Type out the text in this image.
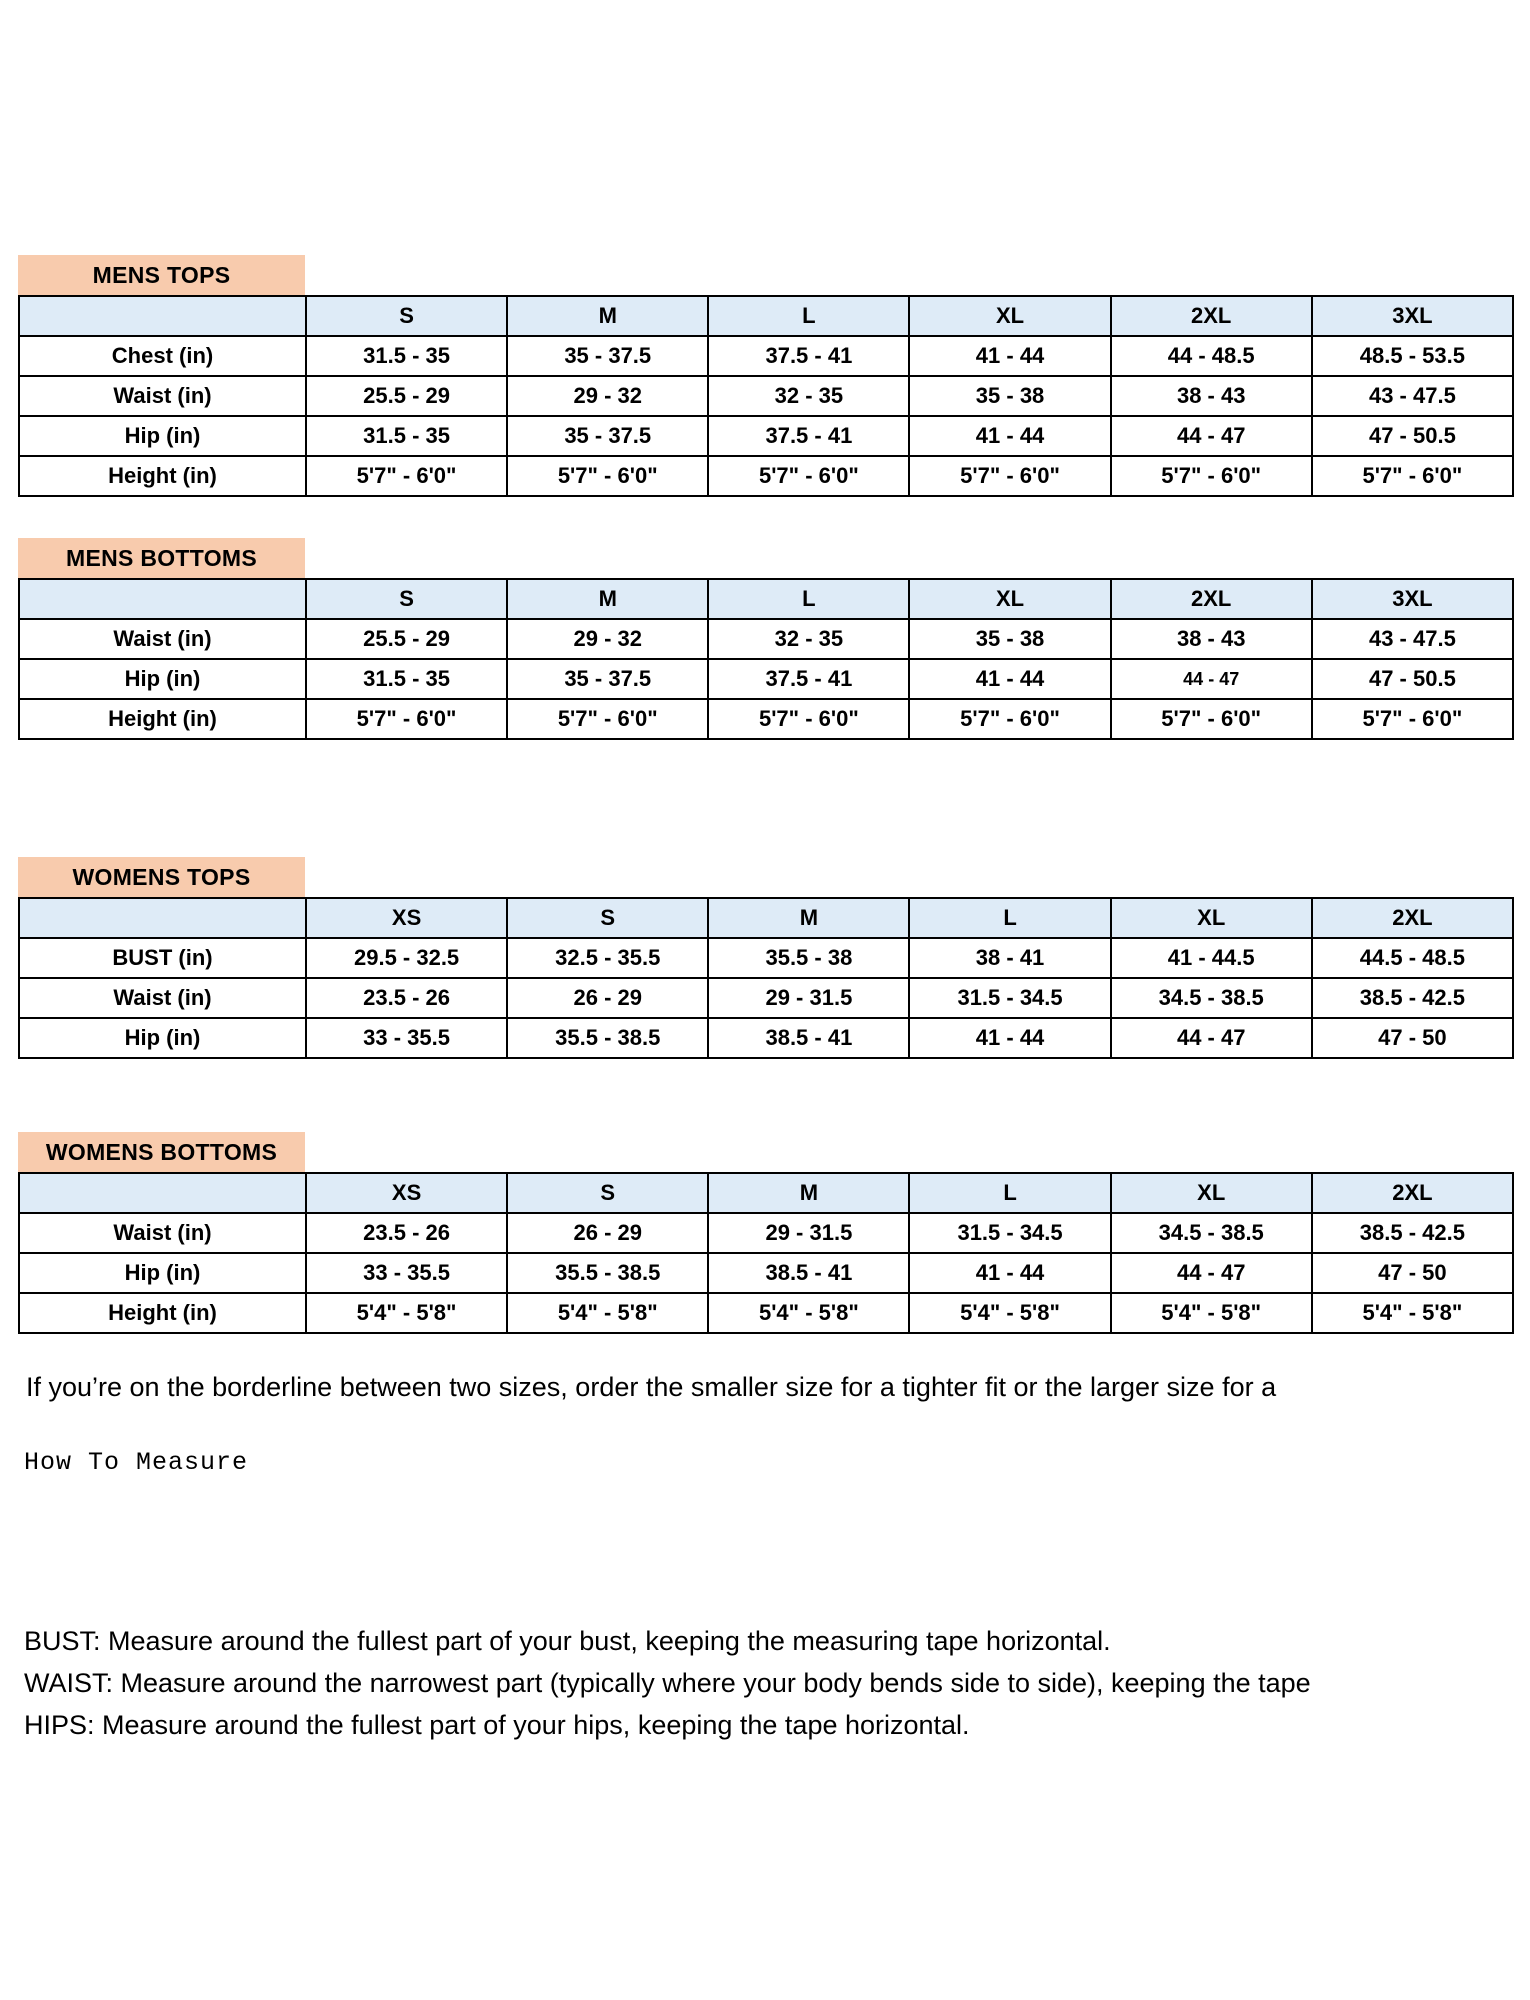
MENS TOPS
	S	M	L	XL	2XL	3XL
Chest (in)	31.5 - 35	35 - 37.5	37.5 - 41	41 - 44	44 - 48.5	48.5 - 53.5
Waist (in)	25.5 - 29	29 - 32	32 - 35	35 - 38	38 - 43	43 - 47.5
Hip (in)	31.5 - 35	35 - 37.5	37.5 - 41	41 - 44	44 - 47	47 - 50.5
Height (in)	5'7" - 6'0"	5'7" - 6'0"	5'7" - 6'0"	5'7" - 6'0"	5'7" - 6'0"	5'7" - 6'0"
MENS BOTTOMS
	S	M	L	XL	2XL	3XL
Waist (in)	25.5 - 29	29 - 32	32 - 35	35 - 38	38 - 43	43 - 47.5
Hip (in)	31.5 - 35	35 - 37.5	37.5 - 41	41 - 44	44 - 47	47 - 50.5
Height (in)	5'7" - 6'0"	5'7" - 6'0"	5'7" - 6'0"	5'7" - 6'0"	5'7" - 6'0"	5'7" - 6'0"
WOMENS TOPS
	XS	S	M	L	XL	2XL
BUST (in)	29.5 - 32.5	32.5 - 35.5	35.5 - 38	38 - 41	41 - 44.5	44.5 - 48.5
Waist (in)	23.5 - 26	26 - 29	29 - 31.5	31.5 - 34.5	34.5 - 38.5	38.5 - 42.5
Hip (in)	33 - 35.5	35.5 - 38.5	38.5 - 41	41 - 44	44 - 47	47 - 50
WOMENS BOTTOMS
	XS	S	M	L	XL	2XL
Waist (in)	23.5 - 26	26 - 29	29 - 31.5	31.5 - 34.5	34.5 - 38.5	38.5 - 42.5
Hip (in)	33 - 35.5	35.5 - 38.5	38.5 - 41	41 - 44	44 - 47	47 - 50
Height (in)	5'4" - 5'8"	5'4" - 5'8"	5'4" - 5'8"	5'4" - 5'8"	5'4" - 5'8"	5'4" - 5'8"

If you’re on the borderline between two sizes, order the smaller size for a tighter fit or the larger size for a

How To Measure
BUST: Measure around the fullest part of your bust, keeping the measuring tape horizontal.
WAIST: Measure around the narrowest part (typically where your body bends side to side), keeping the tape
HIPS: Measure around the fullest part of your hips, keeping the tape horizontal.
